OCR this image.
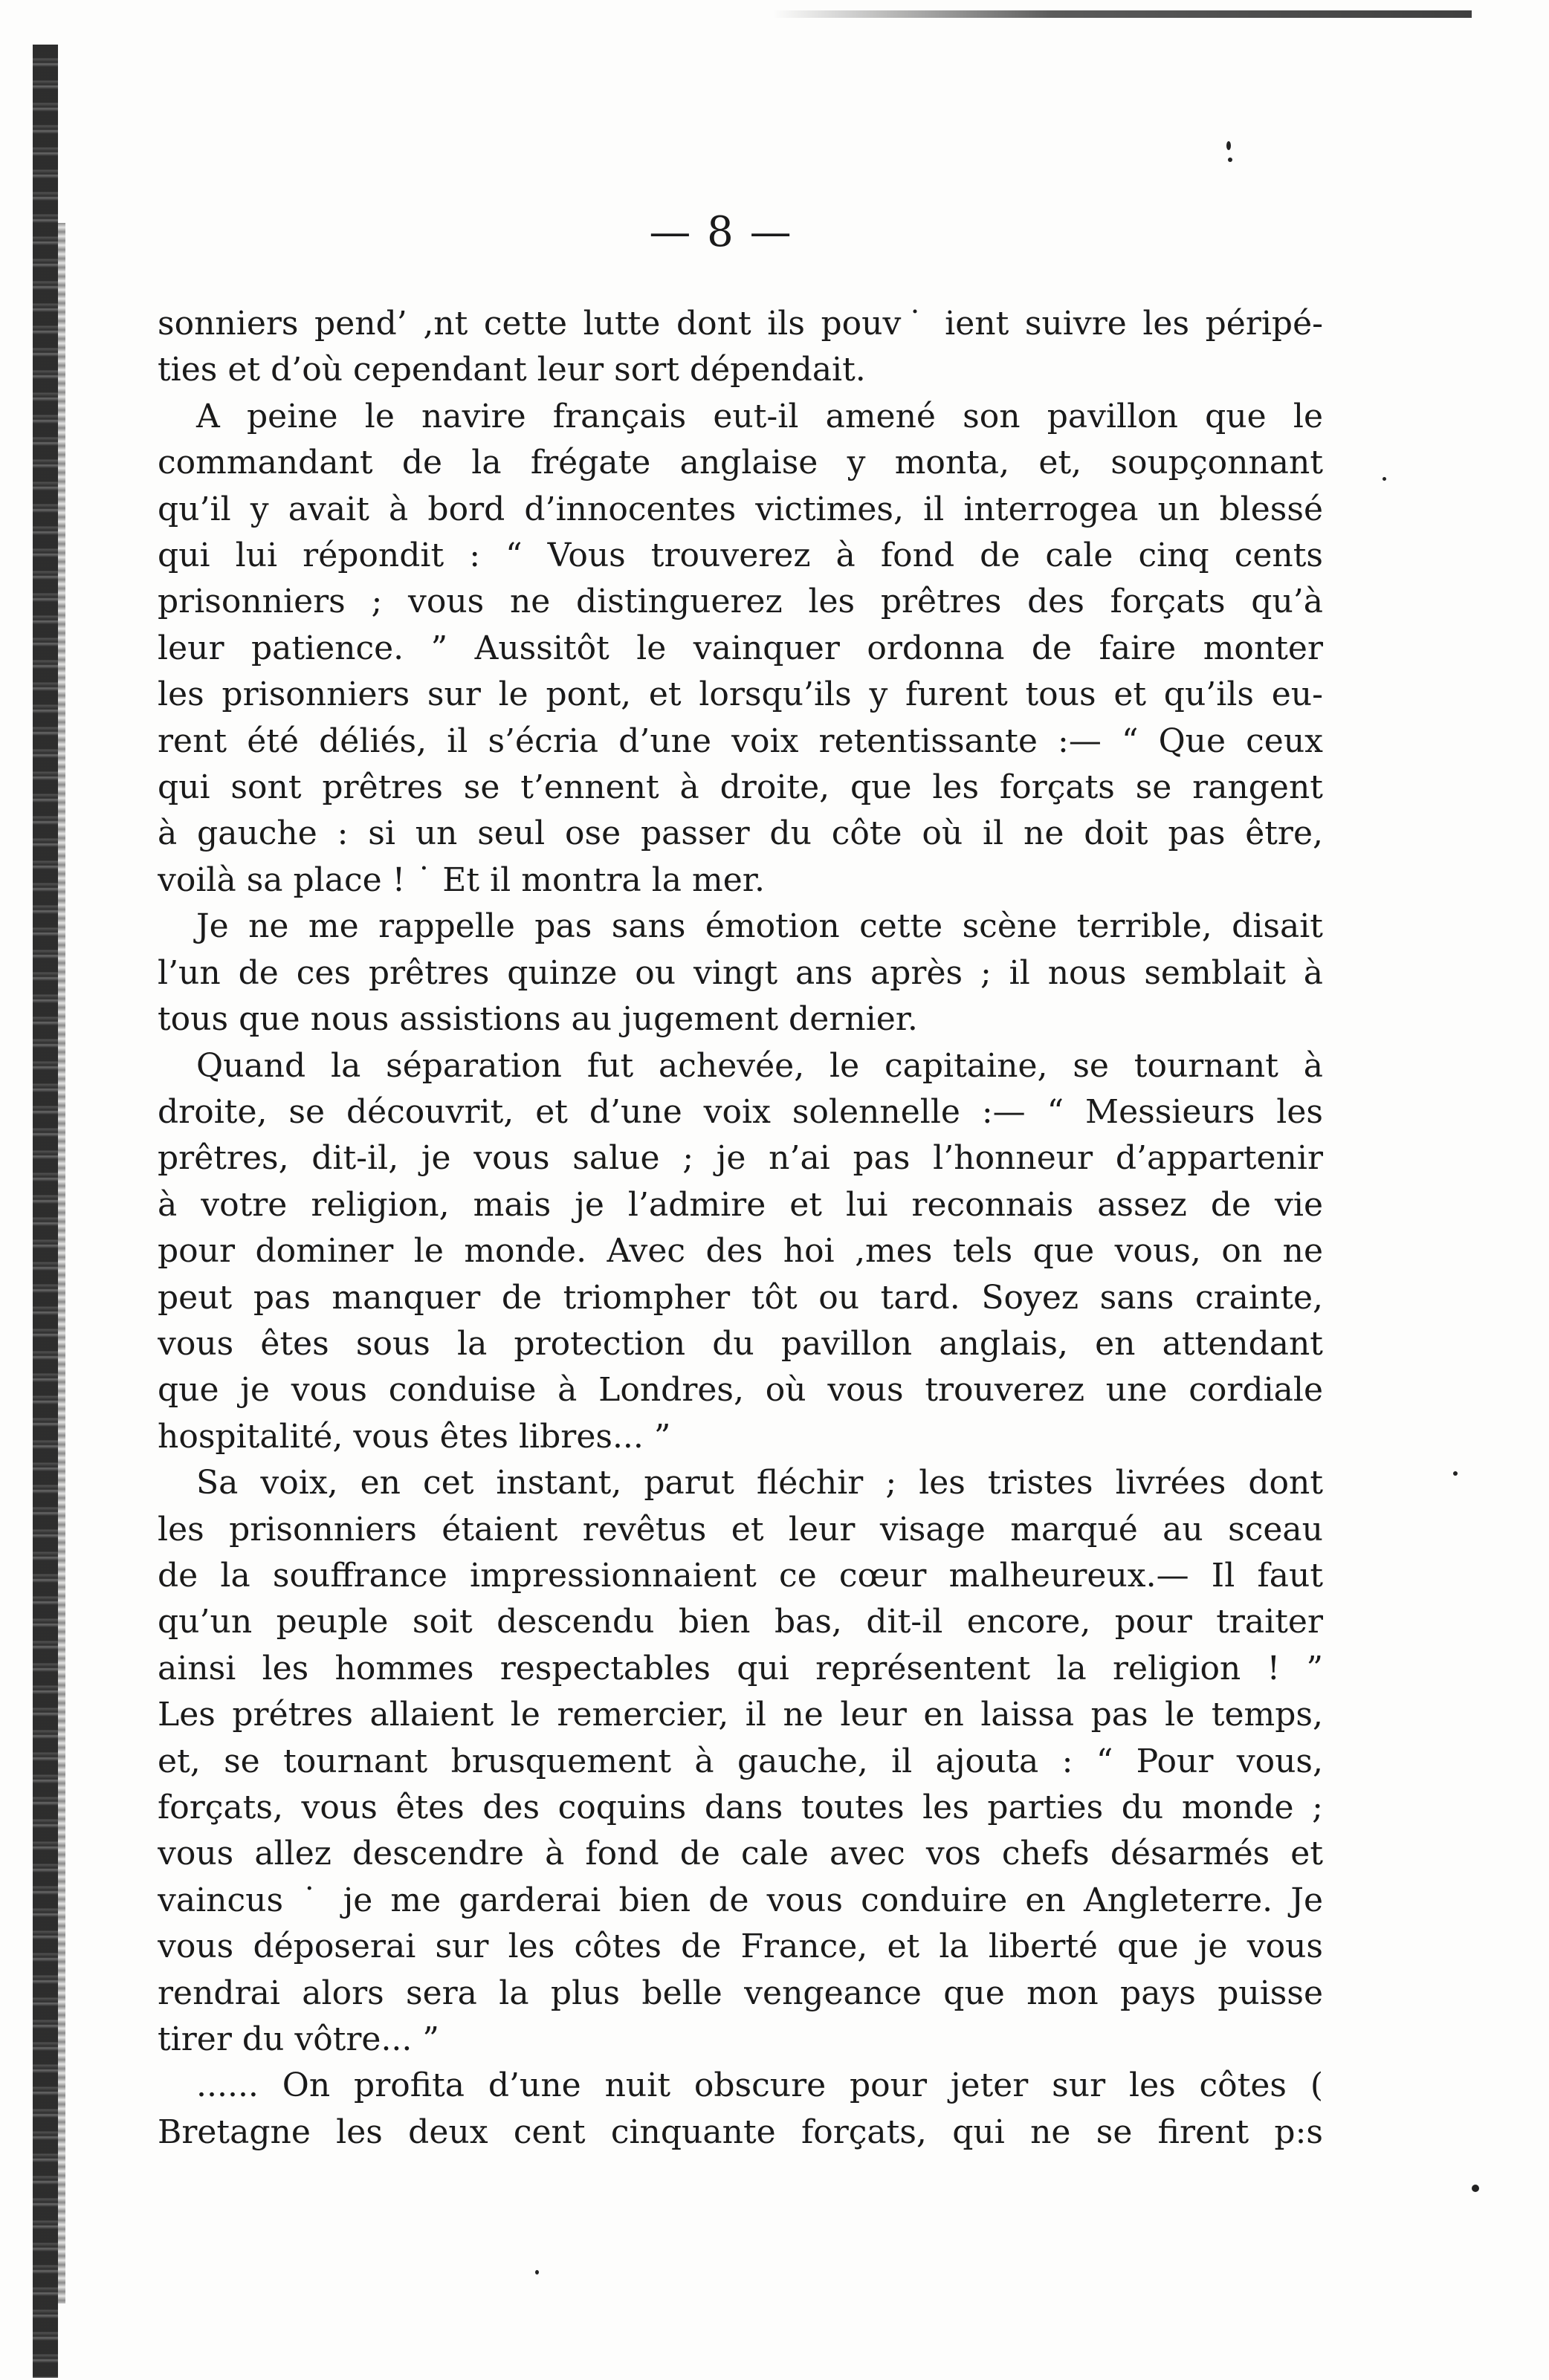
— 8 —
sonniers pend’ ,nt cette lutte dont ils pouv˙ ient suivre les péripé-
ties et d’où cependant leur sort dépendait.
A peine le navire français eut-il amené son pavillon que le
commandant de la frégate anglaise y monta, et, soupçonnant
qu’il y avait à bord d’innocentes victimes, il interrogea un blessé
qui lui répondit : “ Vous trouverez à fond de cale cinq cents
prisonniers ; vous ne distinguerez les prêtres des forçats qu’à
leur patience. ” Aussitôt le vainquer ordonna de faire monter
les prisonniers sur le pont, et lorsqu’ils y furent tous et qu’ils eu-
rent été déliés, il s’écria d’une voix retentissante :— “ Que ceux
qui sont prêtres se t’ennent à droite, que les forçats se rangent
à gauche : si un seul ose passer du côte où il ne doit pas être,
voilà sa place ! ˙ Et il montra la mer.
Je ne me rappelle pas sans émotion cette scène terrible, disait
l’un de ces prêtres quinze ou vingt ans après ; il nous semblait à
tous que nous assistions au jugement dernier.
Quand la séparation fut achevée, le capitaine, se tournant à
droite, se découvrit, et d’une voix solennelle :— “ Messieurs les
prêtres, dit-il, je vous salue ; je n’ai pas l’honneur d’appartenir
à votre religion, mais je l’admire et lui reconnais assez de vie
pour dominer le monde. Avec des hoi ,mes tels que vous, on ne
peut pas manquer de triompher tôt ou tard. Soyez sans crainte,
vous êtes sous la protection du pavillon anglais, en attendant
que je vous conduise à Londres, où vous trouverez une cordiale
hospitalité, vous êtes libres... ”
Sa voix, en cet instant, parut fléchir ; les tristes livrées dont
les prisonniers étaient revêtus et leur visage marqué au sceau
de la souffrance impressionnaient ce cœur malheureux.— Il faut
qu’un peuple soit descendu bien bas, dit-il encore, pour traiter
ainsi les hommes respectables qui représentent la religion ! ”
Les prétres allaient le remercier, il ne leur en laissa pas le temps,
et, se tournant brusquement à gauche, il ajouta : “ Pour vous,
forçats, vous êtes des coquins dans toutes les parties du monde ;
vous allez descendre à fond de cale avec vos chefs désarmés et
vaincus ˙ je me garderai bien de vous conduire en Angleterre. Je
vous déposerai sur les côtes de France, et la liberté que je vous
rendrai alors sera la plus belle vengeance que mon pays puisse
tirer du vôtre... ”
...... On profita d’une nuit obscure pour jeter sur les côtes (
Bretagne les deux cent cinquante forçats, qui ne se firent p:s
